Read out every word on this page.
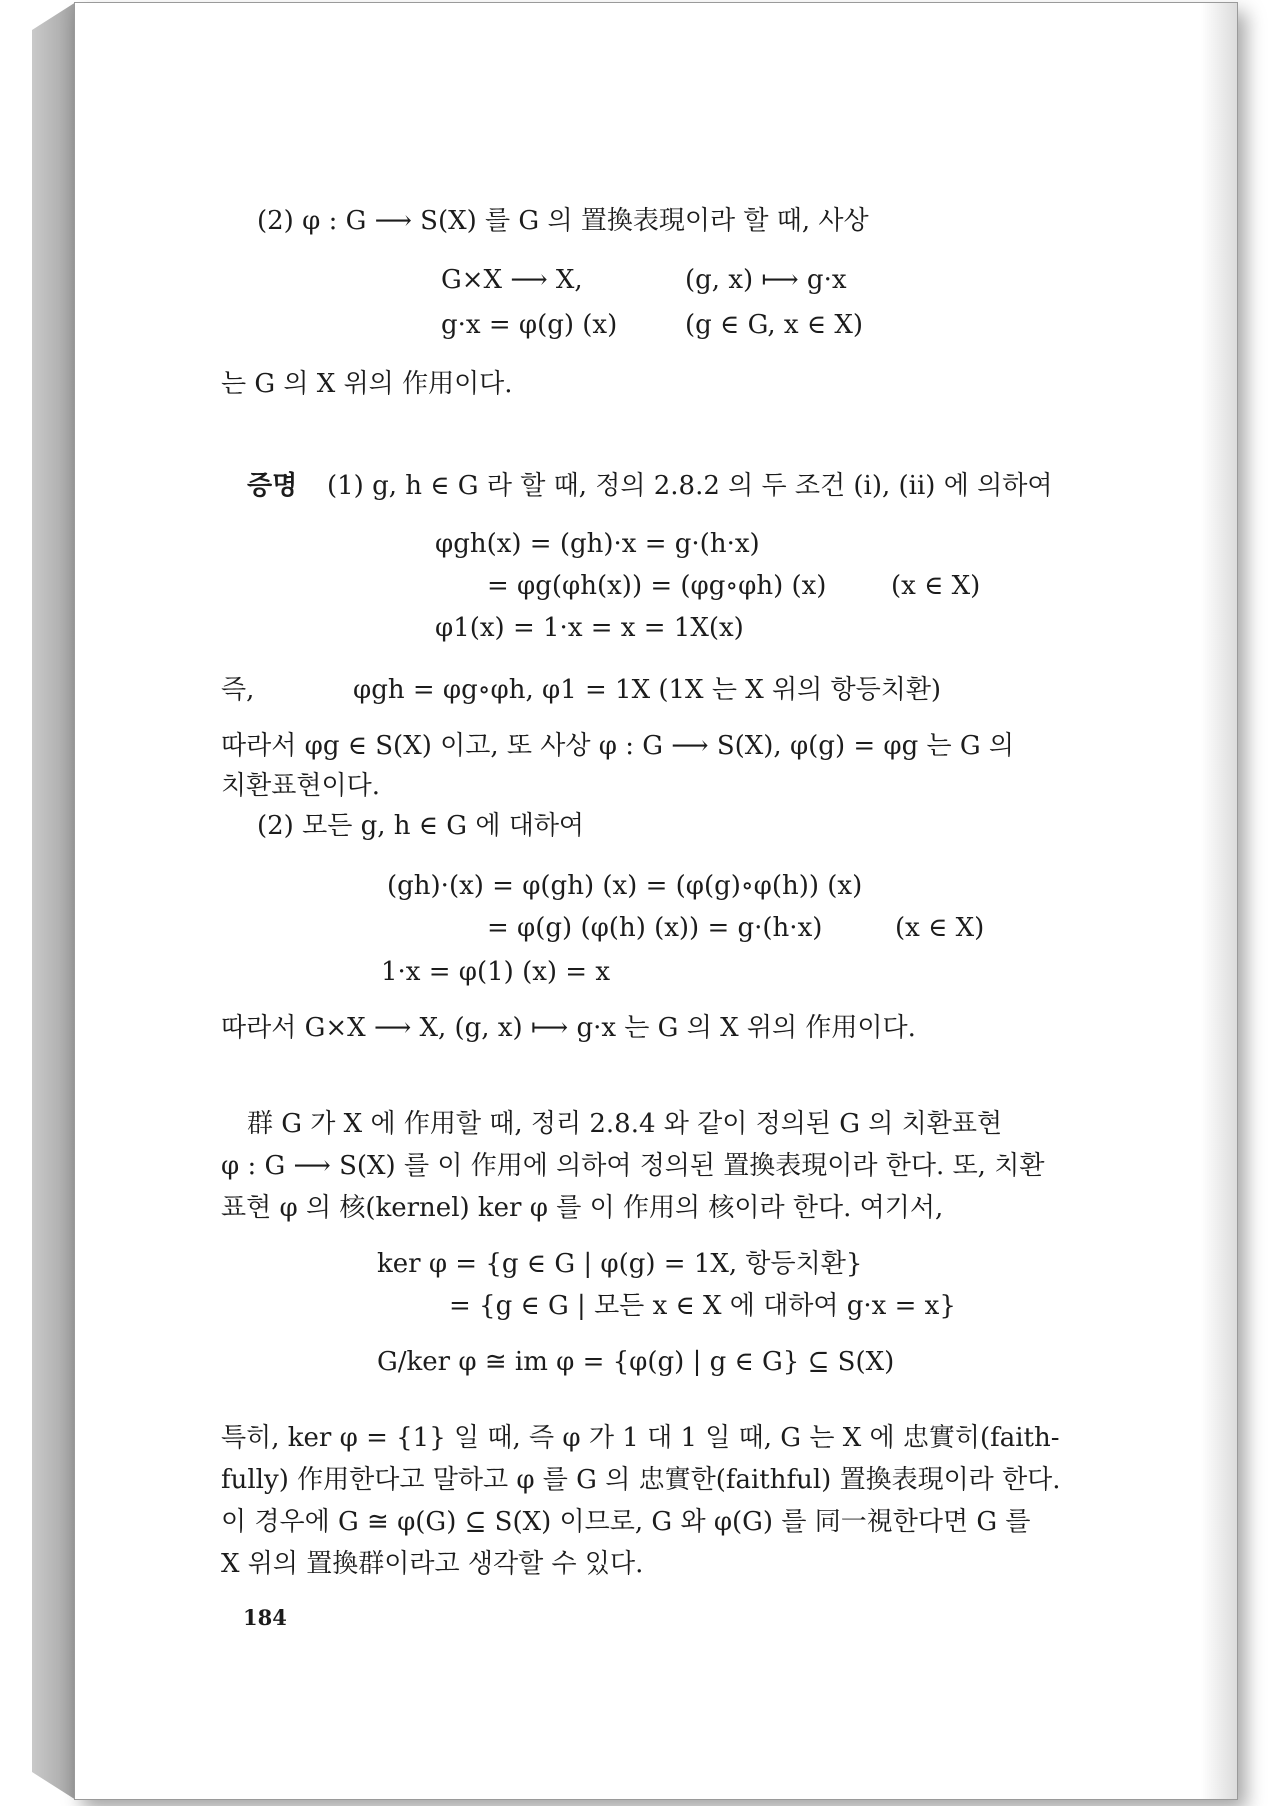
(2) φ : G ⟶ S(X) 를 G 의 置換表現이라 할 때, 사상

G×X ⟶ X,	(g, x) ⟼ g·x

g·x = φ(g) (x)	(g ∈ G, x ∈ X)

는 G 의 X 위의 作用이다.

증명 (1) g, h ∈ G 라 할 때, 정의 2.8.2 의 두 조건 (i), (ii) 에 의하여

φgh(x) = (gh)·x = g·(h·x)

= φg(φh(x)) = (φg∘φh) (x) (x ∈ X)

φ1(x) = 1·x = x = 1X(x)

즉,	φgh = φg∘φh, φ1 = 1X (1X 는 X 위의 항등치환)

따라서 φg ∈ S(X) 이고, 또 사상 φ : G ⟶ S(X), φ(g) = φg 는 G 의

치환표현이다.

(2) 모든 g, h ∈ G 에 대하여

(gh)·(x) = φ(gh) (x) = (φ(g)∘φ(h)) (x)

= φ(g) (φ(h) (x)) = g·(h·x)	(x ∈ X)

1·x = φ(1) (x) = x

따라서 G×X ⟶ X, (g, x) ⟼ g·x 는 G 의 X 위의 作用이다.

群 G 가 X 에 作用할 때, 정리 2.8.4 와 같이 정의된 G 의 치환표현

φ : G ⟶ S(X) 를 이 作用에 의하여 정의된 置換表現이라 한다. 또, 치환

표현 φ 의 核(kernel) ker φ 를 이 作用의 核이라 한다. 여기서,

ker φ = {g ∈ G | φ(g) = 1X, 항등치환}

= {g ∈ G | 모든 x ∈ X 에 대하여 g·x = x}

G/ker φ ≅ im φ = {φ(g) | g ∈ G} ⊆ S(X)

특히, ker φ = {1} 일 때, 즉 φ 가 1 대 1 일 때, G 는 X 에 忠實히(faith-

fully) 作用한다고 말하고 φ 를 G 의 忠實한(faithful) 置換表現이라 한다.

이 경우에 G ≅ φ(G) ⊆ S(X) 이므로, G 와 φ(G) 를 同一視한다면 G 를

X 위의 置換群이라고 생각할 수 있다.

184
